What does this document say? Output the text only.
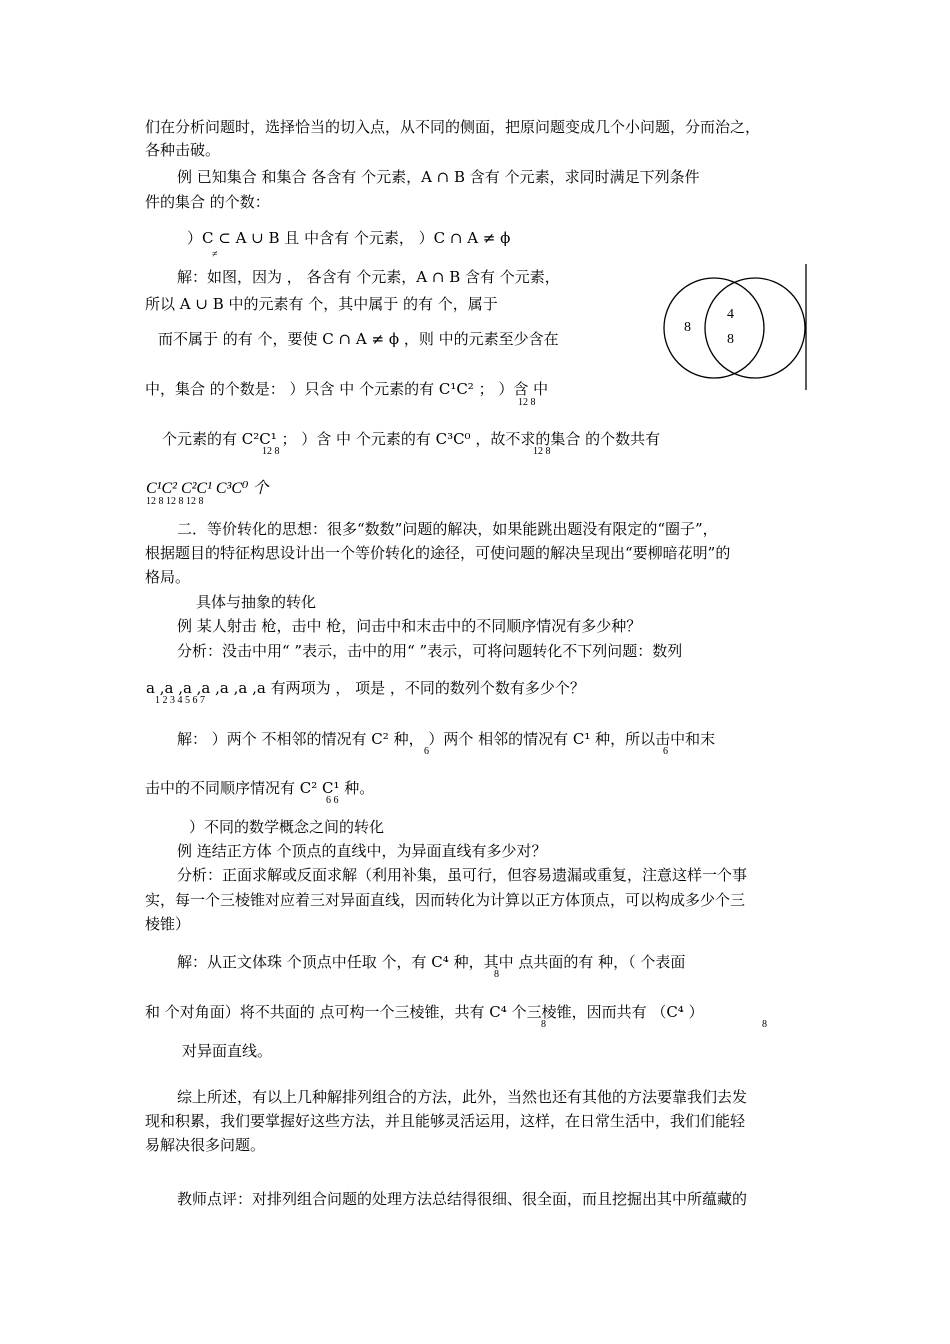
们在分析问题时，选择恰当的切入点，从不同的侧面，把原问题变成几个小问题，分而治之，
各种击破。
例 已知集合 和集合 各含有 个元素，A ∩ B 含有 个元素，求同时满足下列条件
件的集合 的个数：
）C ⊂ A ∪ B 且 中含有 个元素， ）C ∩ A ≠ ϕ
≠
解：如图，因为 ， 各含有 个元素，A ∩ B 含有 个元素，
所以 A ∪ B 中的元素有 个，其中属于 的有 个，属于
而不属于 的有 个，要使 C ∩ A ≠ ϕ ，则 中的元素至少含在
中，集合 的个数是： ）只含 中 个元素的有 C¹C² ； ）含 中
12 8
个元素的有 C²C¹ ； ）含 中 个元素的有 C³C⁰ ，故不求的集合 的个数共有
12 8	12 8
C¹C² C²C¹ C³C⁰ 个
12 8 12 8 12 8
二．等价转化的思想：很多“数数”问题的解决，如果能跳出题没有限定的“圈子”，
根据题目的特征构思设计出一个等价转化的途径，可使问题的解决呈现出“要柳暗花明”的
格局。
具体与抽象的转化
例 某人射击 枪，击中 枪，问击中和末击中的不同顺序情况有多少种？
分析：没击中用“ ”表示，击中的用“ ”表示，可将问题转化不下列问题：数列
a ,a ,a ,a ,a ,a ,a 有两项为 ， 项是 ，不同的数列个数有多少个？
1 2 3 4 5 6 7
解： ）两个 不相邻的情况有 C² 种， ）两个 相邻的情况有 C¹ 种，所以击中和末
6	6
击中的不同顺序情况有 C² C¹ 种。
6 6
）不同的数学概念之间的转化
例 连结正方体 个顶点的直线中，为异面直线有多少对？
分析：正面求解或反面求解（利用补集，虽可行，但容易遗漏或重复，注意这样一个事
实，每一个三棱锥对应着三对异面直线，因而转化为计算以正方体顶点，可以构成多少个三
棱锥）
解：从正文体珠 个顶点中任取 个，有 C⁴ 种，其中 点共面的有 种，（ 个表面
8
和 个对角面）将不共面的 点可构一个三棱锥，共有 C⁴ 个三棱锥，因而共有 （C⁴ ）
8	8
对异面直线。
综上所述，有以上几种解排列组合的方法，此外，当然也还有其他的方法要靠我们去发
现和积累，我们要掌握好这些方法，并且能够灵活运用，这样，在日常生活中，我们们能轻
易解决很多问题。
教师点评：对排列组合问题的处理方法总结得很细、很全面，而且挖掘出其中所蕴藏的
8
4
8
